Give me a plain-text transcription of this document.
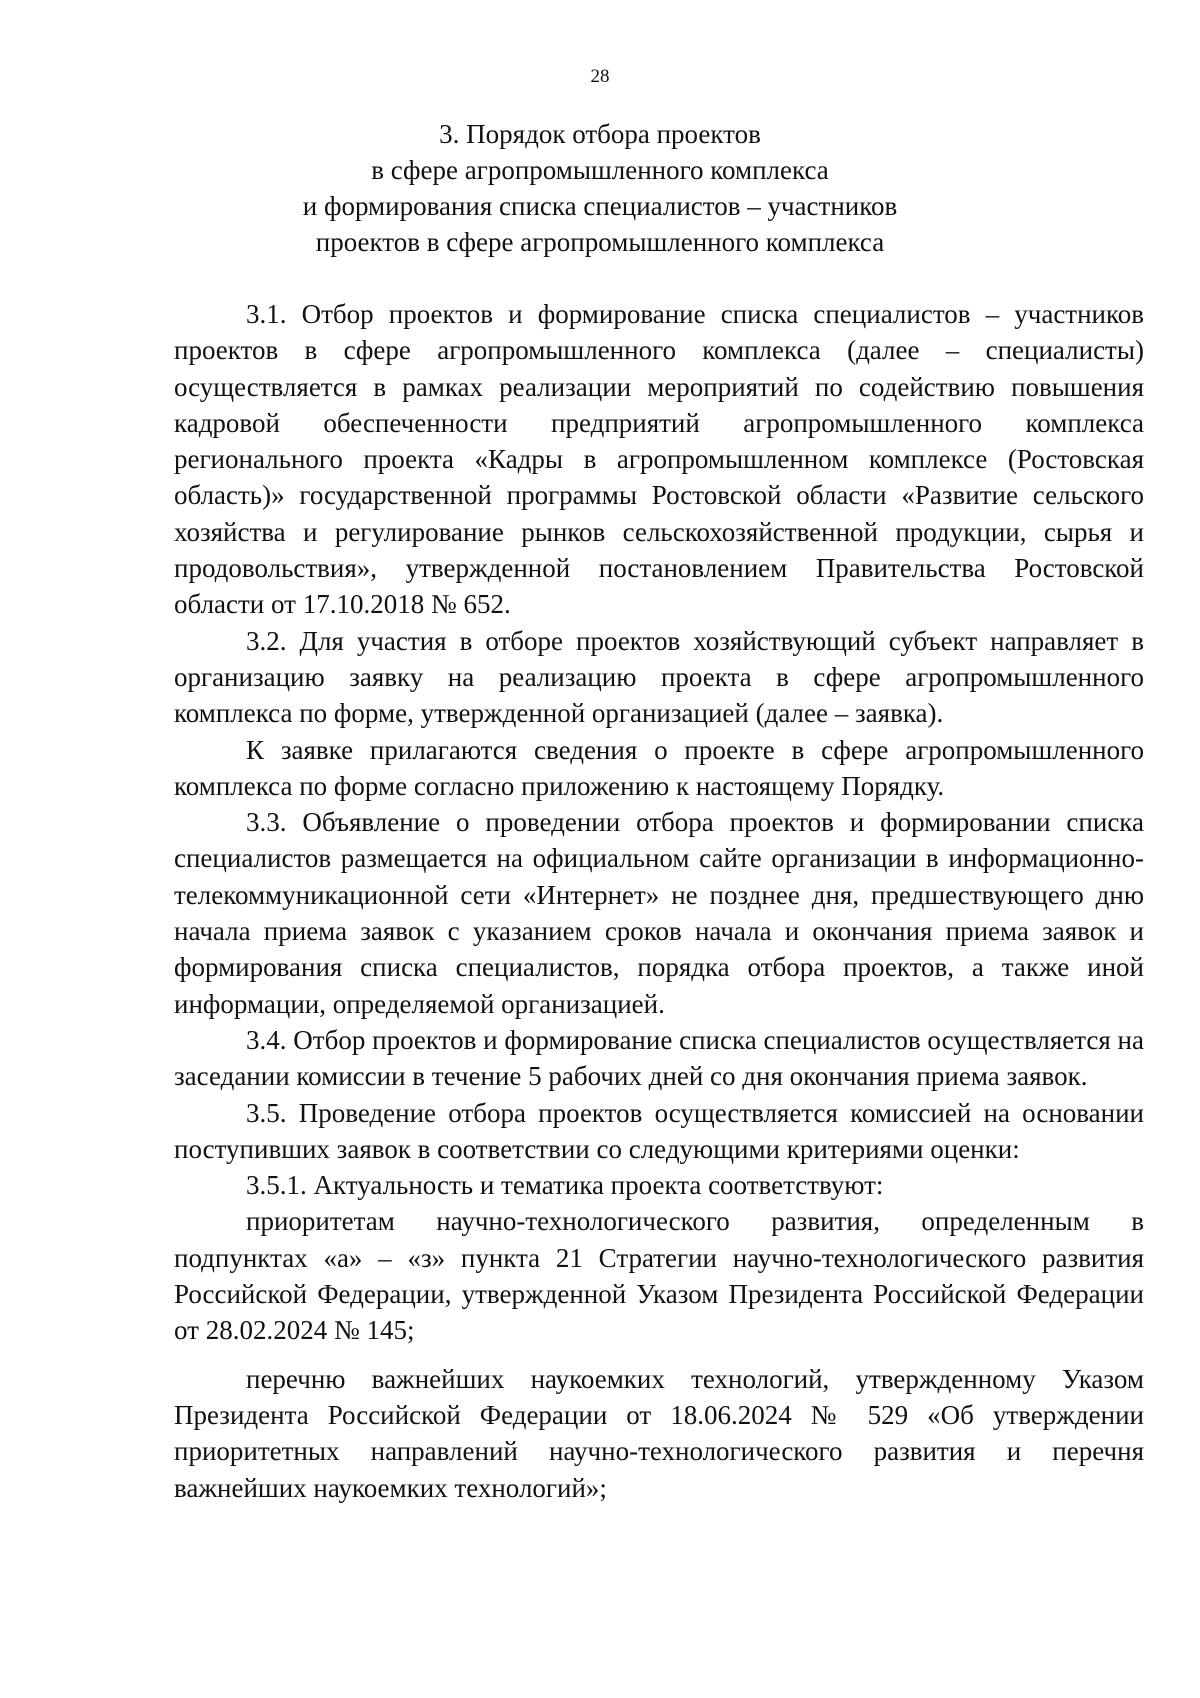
28
3. Порядок отбора проектов
в сфере агропромышленного комплекса
и формирования списка специалистов – участников
проектов в сфере агропромышленного комплекса

3.1. Отбор проектов и формирование списка специалистов – участников проектов в сфере агропромышленного комплекса (далее – специалисты) осуществляется в рамках реализации мероприятий по содействию повышения кадровой обеспеченности предприятий агропромышленного комплекса регионального проекта «Кадры в агропромышленном комплексе (Ростовская область)» государственной программы Ростовской области «Развитие сельского хозяйства и регулирование рынков сельскохозяйственной продукции, сырья и продовольствия», утвержденной постановлением Правительства Ростовской области от 17.10.2018 № 652.

3.2. Для участия в отборе проектов хозяйствующий субъект направляет в организацию заявку на реализацию проекта в сфере агропромышленного комплекса по форме, утвержденной организацией (далее – заявка).

К заявке прилагаются сведения о проекте в сфере агропромышленного комплекса по форме согласно приложению к настоящему Порядку.

3.3. Объявление о проведении отбора проектов и формировании списка специалистов размещается на официальном сайте организации в информационно-телекоммуникационной сети «Интернет» не позднее дня, предшествующего дню начала приема заявок с указанием сроков начала и окончания приема заявок и формирования списка специалистов, порядка отбора проектов, а также иной информации, определяемой организацией.

3.4. Отбор проектов и формирование списка специалистов осуществляется на заседании комиссии в течение 5 рабочих дней со дня окончания приема заявок.

3.5. Проведение отбора проектов осуществляется комиссией на основании поступивших заявок в соответствии со следующими критериями оценки:

3.5.1. Актуальность и тематика проекта соответствуют:

приоритетам научно-технологического развития, определенным в подпунктах «а» – «з» пункта 21 Стратегии научно-технологического развития Российской Федерации, утвержденной Указом Президента Российской Федерации от 28.02.2024 № 145;

перечню важнейших наукоемких технологий, утвержденному Указом Президента Российской Федерации от 18.06.2024 № 529 «Об утверждении приоритетных направлений научно-технологического развития и перечня важнейших наукоемких технологий»;
